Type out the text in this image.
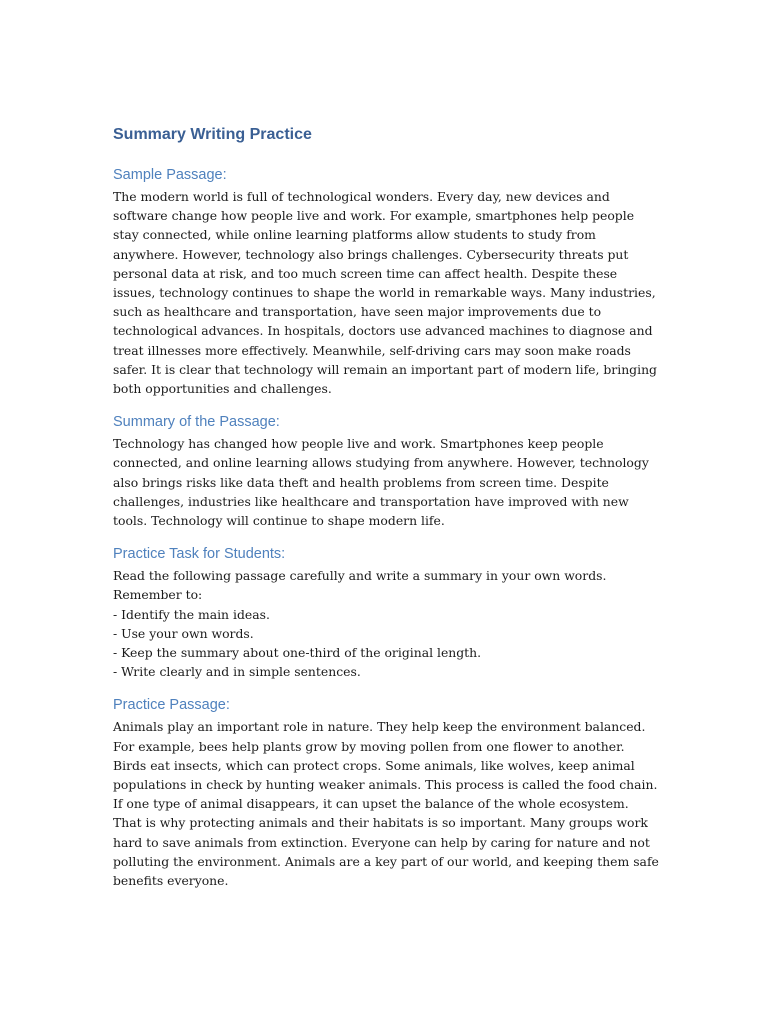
Summary Writing Practice
Sample Passage:

The modern world is full of technological wonders. Every day, new devices and software change how people live and work. For example, smartphones help people stay connected, while online learning platforms allow students to study from anywhere. However, technology also brings challenges. Cybersecurity threats put personal data at risk, and too much screen time can affect health. Despite these issues, technology continues to shape the world in remarkable ways. Many industries, such as healthcare and transportation, have seen major improvements due to technological advances. In hospitals, doctors use advanced machines to diagnose and treat illnesses more effectively. Meanwhile, self-driving cars may soon make roads safer. It is clear that technology will remain an important part of modern life, bringing both opportunities and challenges.

Summary of the Passage:

Technology has changed how people live and work. Smartphones keep people connected, and online learning allows studying from anywhere. However, technology also brings risks like data theft and health problems from screen time. Despite challenges, industries like healthcare and transportation have improved with new tools. Technology will continue to shape modern life.

Practice Task for Students:

Read the following passage carefully and write a summary in your own words. Remember to:

- Identify the main ideas.

- Use your own words.

- Keep the summary about one-third of the original length.

- Write clearly and in simple sentences.

Practice Passage:

Animals play an important role in nature. They help keep the environment balanced. For example, bees help plants grow by moving pollen from one flower to another. Birds eat insects, which can protect crops. Some animals, like wolves, keep animal populations in check by hunting weaker animals. This process is called the food chain. If one type of animal disappears, it can upset the balance of the whole ecosystem. That is why protecting animals and their habitats is so important. Many groups work hard to save animals from extinction. Everyone can help by caring for nature and not polluting the environment. Animals are a key part of our world, and keeping them safe benefits everyone.
